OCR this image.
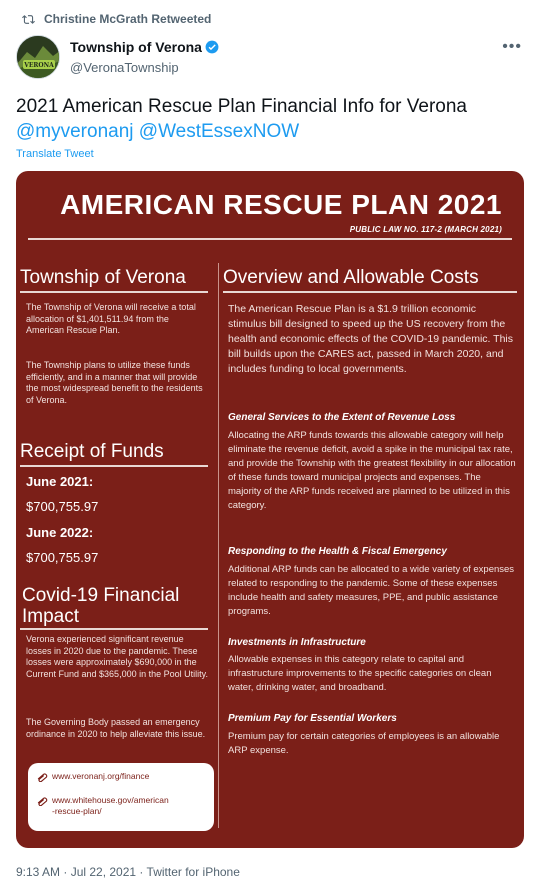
Christine McGrath Retweeted
VERONA
Township of Verona
@VeronaTownship
•••
2021 American Rescue Plan Financial Info for Verona
@myveronanj @WestEssexNOW
Translate Tweet
AMERICAN RESCUE PLAN 2021
PUBLIC LAW NO. 117-2 (MARCH 2021)
Township of Verona
The Township of Verona will receive a total allocation of $1,401,511.94 from the American Rescue Plan.
The Township plans to utilize these funds efficiently, and in a manner that will provide the most widespread benefit to the residents of Verona.
Receipt of Funds
June 2021:
$700,755.97
June 2022:
$700,755.97
Covid-19 Financial
Impact
Verona experienced significant revenue losses in 2020 due to the pandemic. These losses were approximately $690,000 in the Current Fund and $365,000 in the Pool Utility.
The Governing Body passed an emergency ordinance in 2020 to help alleviate this issue.
www.veronanj.org/finance
www.whitehouse.gov/american
-rescue-plan/
Overview and Allowable Costs
The American Rescue Plan is a $1.9 trillion economic stimulus bill designed to speed up the US recovery from the health and economic effects of the COVID-19 pandemic. This bill builds upon the CARES act, passed in March 2020, and includes funding to local governments.
General Services to the Extent of Revenue Loss
Allocating the ARP funds towards this allowable category will help eliminate the revenue deficit, avoid a spike in the municipal tax rate, and provide the Township with the greatest flexibility in our allocation of these funds toward municipal projects and expenses. The majority of the ARP funds received are planned to be utilized in this category.
Responding to the Health & Fiscal Emergency
Additional ARP funds can be allocated to a wide variety of expenses related to responding to the pandemic. Some of these expenses include health and safety measures, PPE, and public assistance programs.
Investments in Infrastructure
Allowable expenses in this category relate to capital and infrastructure improvements to the specific categories on clean water, drinking water, and broadband.
Premium Pay for Essential Workers
Premium pay for certain categories of employees is an allowable ARP expense.
9:13 AM · Jul 22, 2021 · Twitter for iPhone
